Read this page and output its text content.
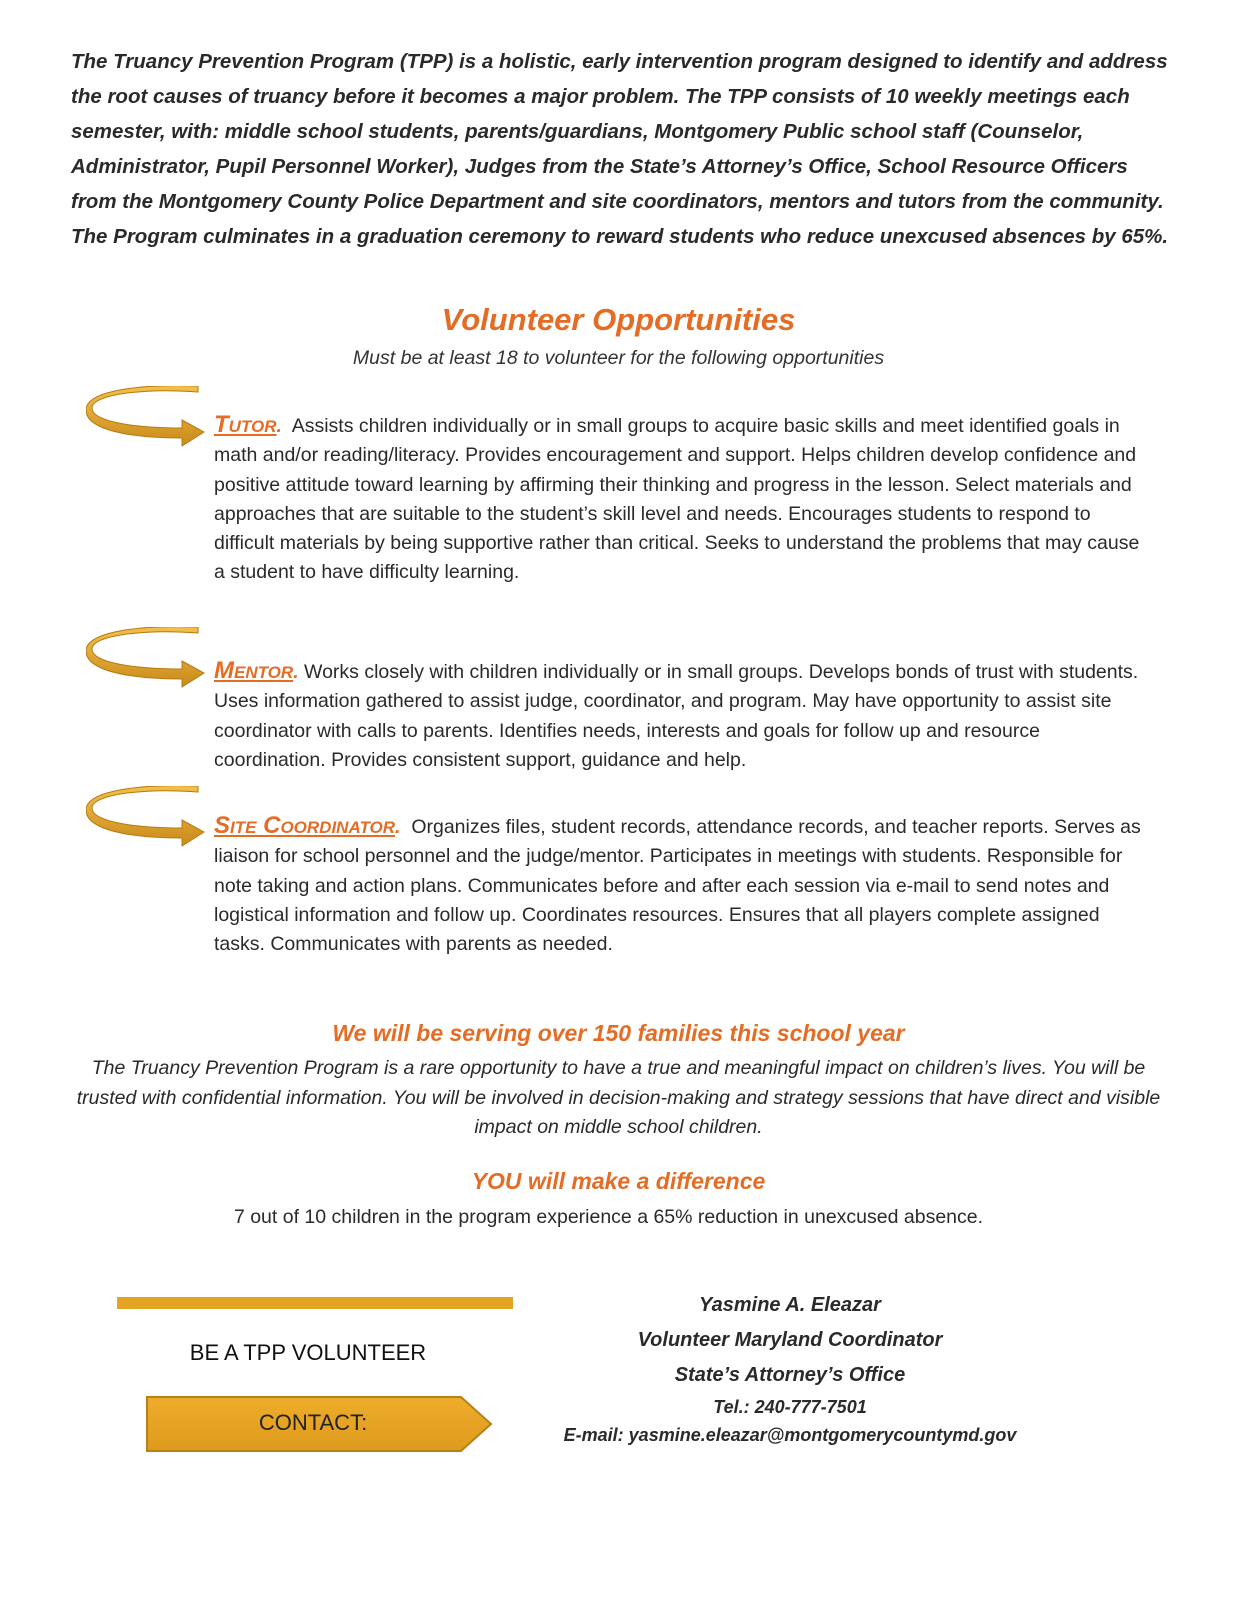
The Truancy Prevention Program (TPP) is a holistic, early intervention program designed to identify and address the root causes of truancy before it becomes a major problem. The TPP consists of 10 weekly meetings each semester, with: middle school students, parents/guardians, Montgomery Public school staff (Counselor, Administrator, Pupil Personnel Worker), Judges from the State’s Attorney’s Office, School Resource Officers from the Montgomery County Police Department and site coordinators, mentors and tutors from the community. The Program culminates in a graduation ceremony to reward students who reduce unexcused absences by 65%.
Volunteer Opportunities
Must be at least 18 to volunteer for the following opportunities
Tutor. Assists children individually or in small groups to acquire basic skills and meet identified goals in math and/or reading/literacy. Provides encouragement and support. Helps children develop confidence and positive attitude toward learning by affirming their thinking and progress in the lesson. Select materials and approaches that are suitable to the student’s skill level and needs. Encourages students to respond to difficult materials by being supportive rather than critical. Seeks to understand the problems that may cause a student to have difficulty learning.
Mentor. Works closely with children individually or in small groups. Develops bonds of trust with students. Uses information gathered to assist judge, coordinator, and program. May have opportunity to assist site coordinator with calls to parents. Identifies needs, interests and goals for follow up and resource coordination. Provides consistent support, guidance and help.
Site Coordinator. Organizes files, student records, attendance records, and teacher reports. Serves as liaison for school personnel and the judge/mentor. Participates in meetings with students. Responsible for note taking and action plans. Communicates before and after each session via e-mail to send notes and logistical information and follow up. Coordinates resources. Ensures that all players complete assigned tasks. Communicates with parents as needed.
We will be serving over 150 families this school year
The Truancy Prevention Program is a rare opportunity to have a true and meaningful impact on children’s lives. You will be trusted with confidential information. You will be involved in decision-making and strategy sessions that have direct and visible impact on middle school children.
YOU will make a difference
7 out of 10 children in the program experience a 65% reduction in unexcused absence.
BE A TPP VOLUNTEER
CONTACT:
Yasmine A. Eleazar
Volunteer Maryland Coordinator
State’s Attorney’s Office
Tel.: 240-777-7501
E-mail: yasmine.eleazar@montgomerycountymd.gov
